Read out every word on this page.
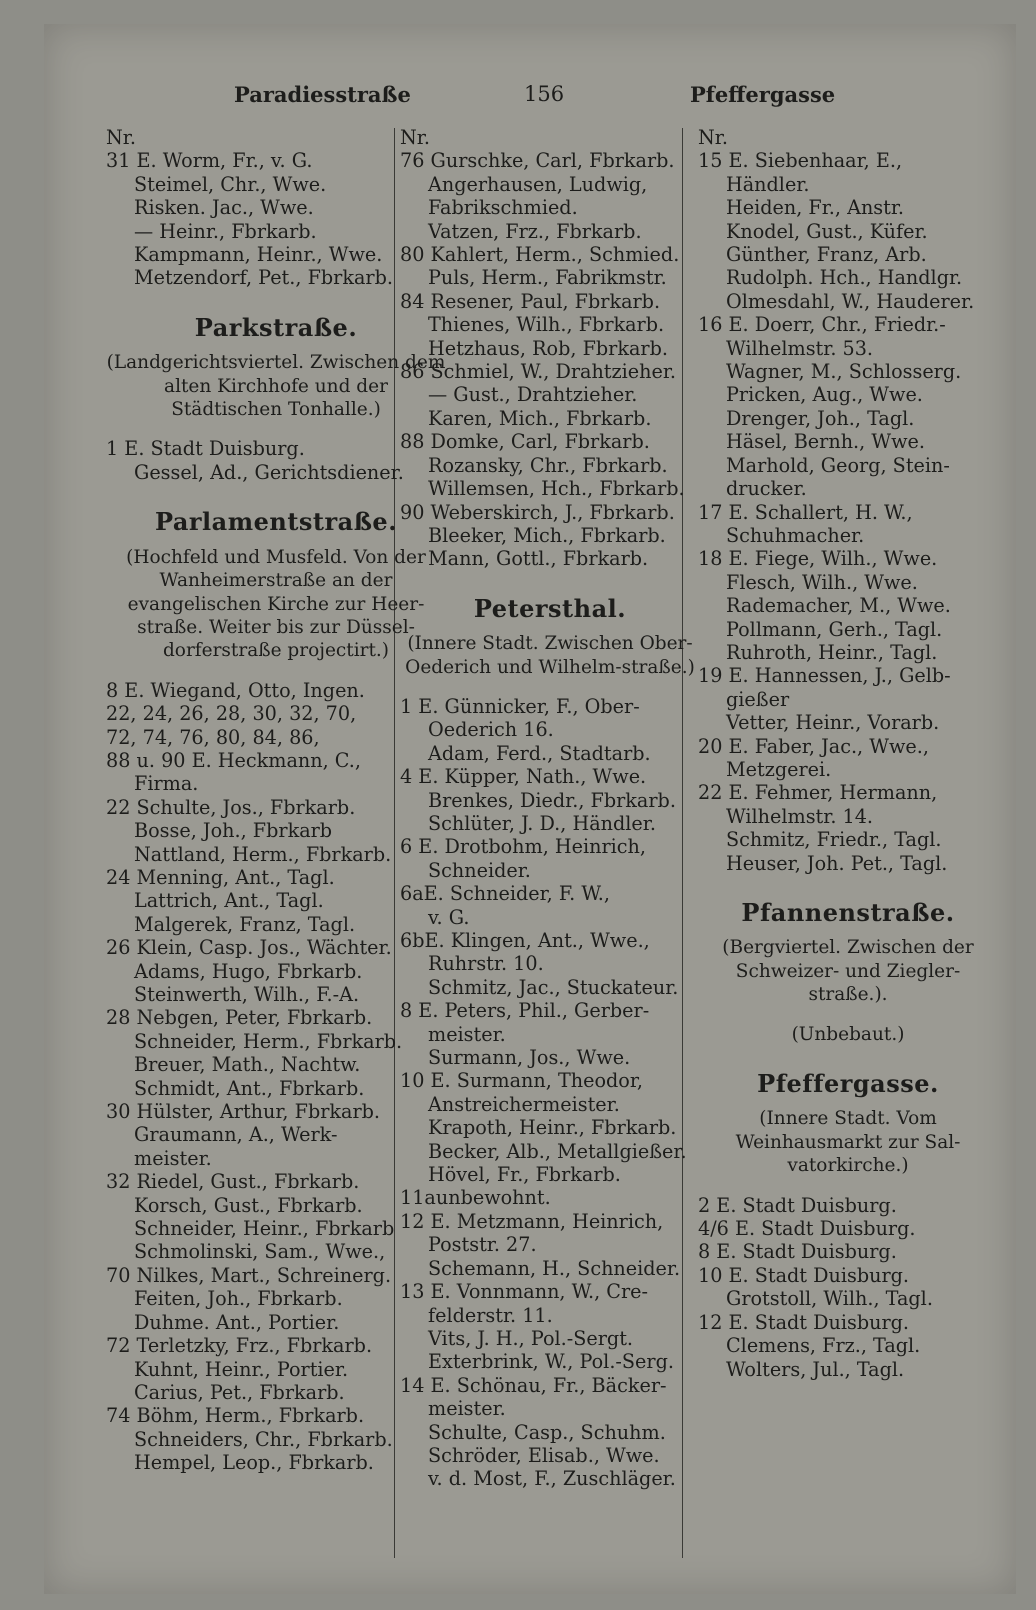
Paradiesstraße	156	Pfeffergasse
Nr.
31 E. Worm, Fr., v. G.
Steimel, Chr., Wwe.
Risken. Jac., Wwe.
— Heinr., Fbrkarb.
Kampmann, Heinr., Wwe.
Metzendorf, Pet., Fbrkarb.
Parkstraße.
(Landgerichtsviertel. Zwischen dem alten Kirchhofe und der Städtischen Tonhalle.)
1 E. Stadt Duisburg.
Gessel, Ad., Gerichtsdiener.
Parlamentstraße.
(Hochfeld und Musfeld. Von der Wanheimerstraße an der evangelischen Kirche zur Heer-straße. Weiter bis zur Düssel-dorferstraße projectirt.)
8 E. Wiegand, Otto, Ingen.
22, 24, 26, 28, 30, 32, 70,
72, 74, 76, 80, 84, 86,
88 u. 90 E. Heckmann, C.,
Firma.
22 Schulte, Jos., Fbrkarb.
Bosse, Joh., Fbrkarb
Nattland, Herm., Fbrkarb.
24 Menning, Ant., Tagl.
Lattrich, Ant., Tagl.
Malgerek, Franz, Tagl.
26 Klein, Casp. Jos., Wächter.
Adams, Hugo, Fbrkarb.
Steinwerth, Wilh., F.-A.
28 Nebgen, Peter, Fbrkarb.
Schneider, Herm., Fbrkarb.
Breuer, Math., Nachtw.
Schmidt, Ant., Fbrkarb.
30 Hülster, Arthur, Fbrkarb.
Graumann, A., Werk-
meister.
32 Riedel, Gust., Fbrkarb.
Korsch, Gust., Fbrkarb.
Schneider, Heinr., Fbrkarb
Schmolinski, Sam., Wwe.,
70 Nilkes, Mart., Schreinerg.
Feiten, Joh., Fbrkarb.
Duhme. Ant., Portier.
72 Terletzky, Frz., Fbrkarb.
Kuhnt, Heinr., Portier.
Carius, Pet., Fbrkarb.
74 Böhm, Herm., Fbrkarb.
Schneiders, Chr., Fbrkarb.
Hempel, Leop., Fbrkarb.
Nr.
76 Gurschke, Carl, Fbrkarb.
Angerhausen, Ludwig,
Fabrikschmied.
Vatzen, Frz., Fbrkarb.
80 Kahlert, Herm., Schmied.
Puls, Herm., Fabrikmstr.
84 Resener, Paul, Fbrkarb.
Thienes, Wilh., Fbrkarb.
Hetzhaus, Rob, Fbrkarb.
86 Schmiel, W., Drahtzieher.
— Gust., Drahtzieher.
Karen, Mich., Fbrkarb.
88 Domke, Carl, Fbrkarb.
Rozansky, Chr., Fbrkarb.
Willemsen, Hch., Fbrkarb.
90 Weberskirch, J., Fbrkarb.
Bleeker, Mich., Fbrkarb.
Mann, Gottl., Fbrkarb.
Petersthal.
(Innere Stadt. Zwischen Ober-Oederich und Wilhelm-straße.)
1 E. Günnicker, F., Ober-
Oederich 16.
Adam, Ferd., Stadtarb.
4 E. Küpper, Nath., Wwe.
Brenkes, Diedr., Fbrkarb.
Schlüter, J. D., Händler.
6 E. Drotbohm, Heinrich,
Schneider.
6aE. Schneider, F. W.,
v. G.
6bE. Klingen, Ant., Wwe.,
Ruhrstr. 10.
Schmitz, Jac., Stuckateur.
8 E. Peters, Phil., Gerber-
meister.
Surmann, Jos., Wwe.
10 E. Surmann, Theodor,
Anstreichermeister.
Krapoth, Heinr., Fbrkarb.
Becker, Alb., Metallgießer.
Hövel, Fr., Fbrkarb.
11aunbewohnt.
12 E. Metzmann, Heinrich,
Poststr. 27.
Schemann, H., Schneider.
13 E. Vonnmann, W., Cre-
felderstr. 11.
Vits, J. H., Pol.-Sergt.
Exterbrink, W., Pol.-Serg.
14 E. Schönau, Fr., Bäcker-
meister.
Schulte, Casp., Schuhm.
Schröder, Elisab., Wwe.
v. d. Most, F., Zuschläger.
Nr.
15 E. Siebenhaar, E.,
Händler.
Heiden, Fr., Anstr.
Knodel, Gust., Küfer.
Günther, Franz, Arb.
Rudolph. Hch., Handlgr.
Olmesdahl, W., Hauderer.
16 E. Doerr, Chr., Friedr.-
Wilhelmstr. 53.
Wagner, M., Schlosserg.
Pricken, Aug., Wwe.
Drenger, Joh., Tagl.
Häsel, Bernh., Wwe.
Marhold, Georg, Stein-
drucker.
17 E. Schallert, H. W.,
Schuhmacher.
18 E. Fiege, Wilh., Wwe.
Flesch, Wilh., Wwe.
Rademacher, M., Wwe.
Pollmann, Gerh., Tagl.
Ruhroth, Heinr., Tagl.
19 E. Hannessen, J., Gelb-
gießer
Vetter, Heinr., Vorarb.
20 E. Faber, Jac., Wwe.,
Metzgerei.
22 E. Fehmer, Hermann,
Wilhelmstr. 14.
Schmitz, Friedr., Tagl.
Heuser, Joh. Pet., Tagl.
Pfannenstraße.
(Bergviertel. Zwischen der Schweizer- und Ziegler-straße.).
(Unbebaut.)
Pfeffergasse.
(Innere Stadt. Vom Weinhausmarkt zur Sal-vatorkirche.)
2 E. Stadt Duisburg.
4/6 E. Stadt Duisburg.
8 E. Stadt Duisburg.
10 E. Stadt Duisburg.
Grotstoll, Wilh., Tagl.
12 E. Stadt Duisburg.
Clemens, Frz., Tagl.
Wolters, Jul., Tagl.
